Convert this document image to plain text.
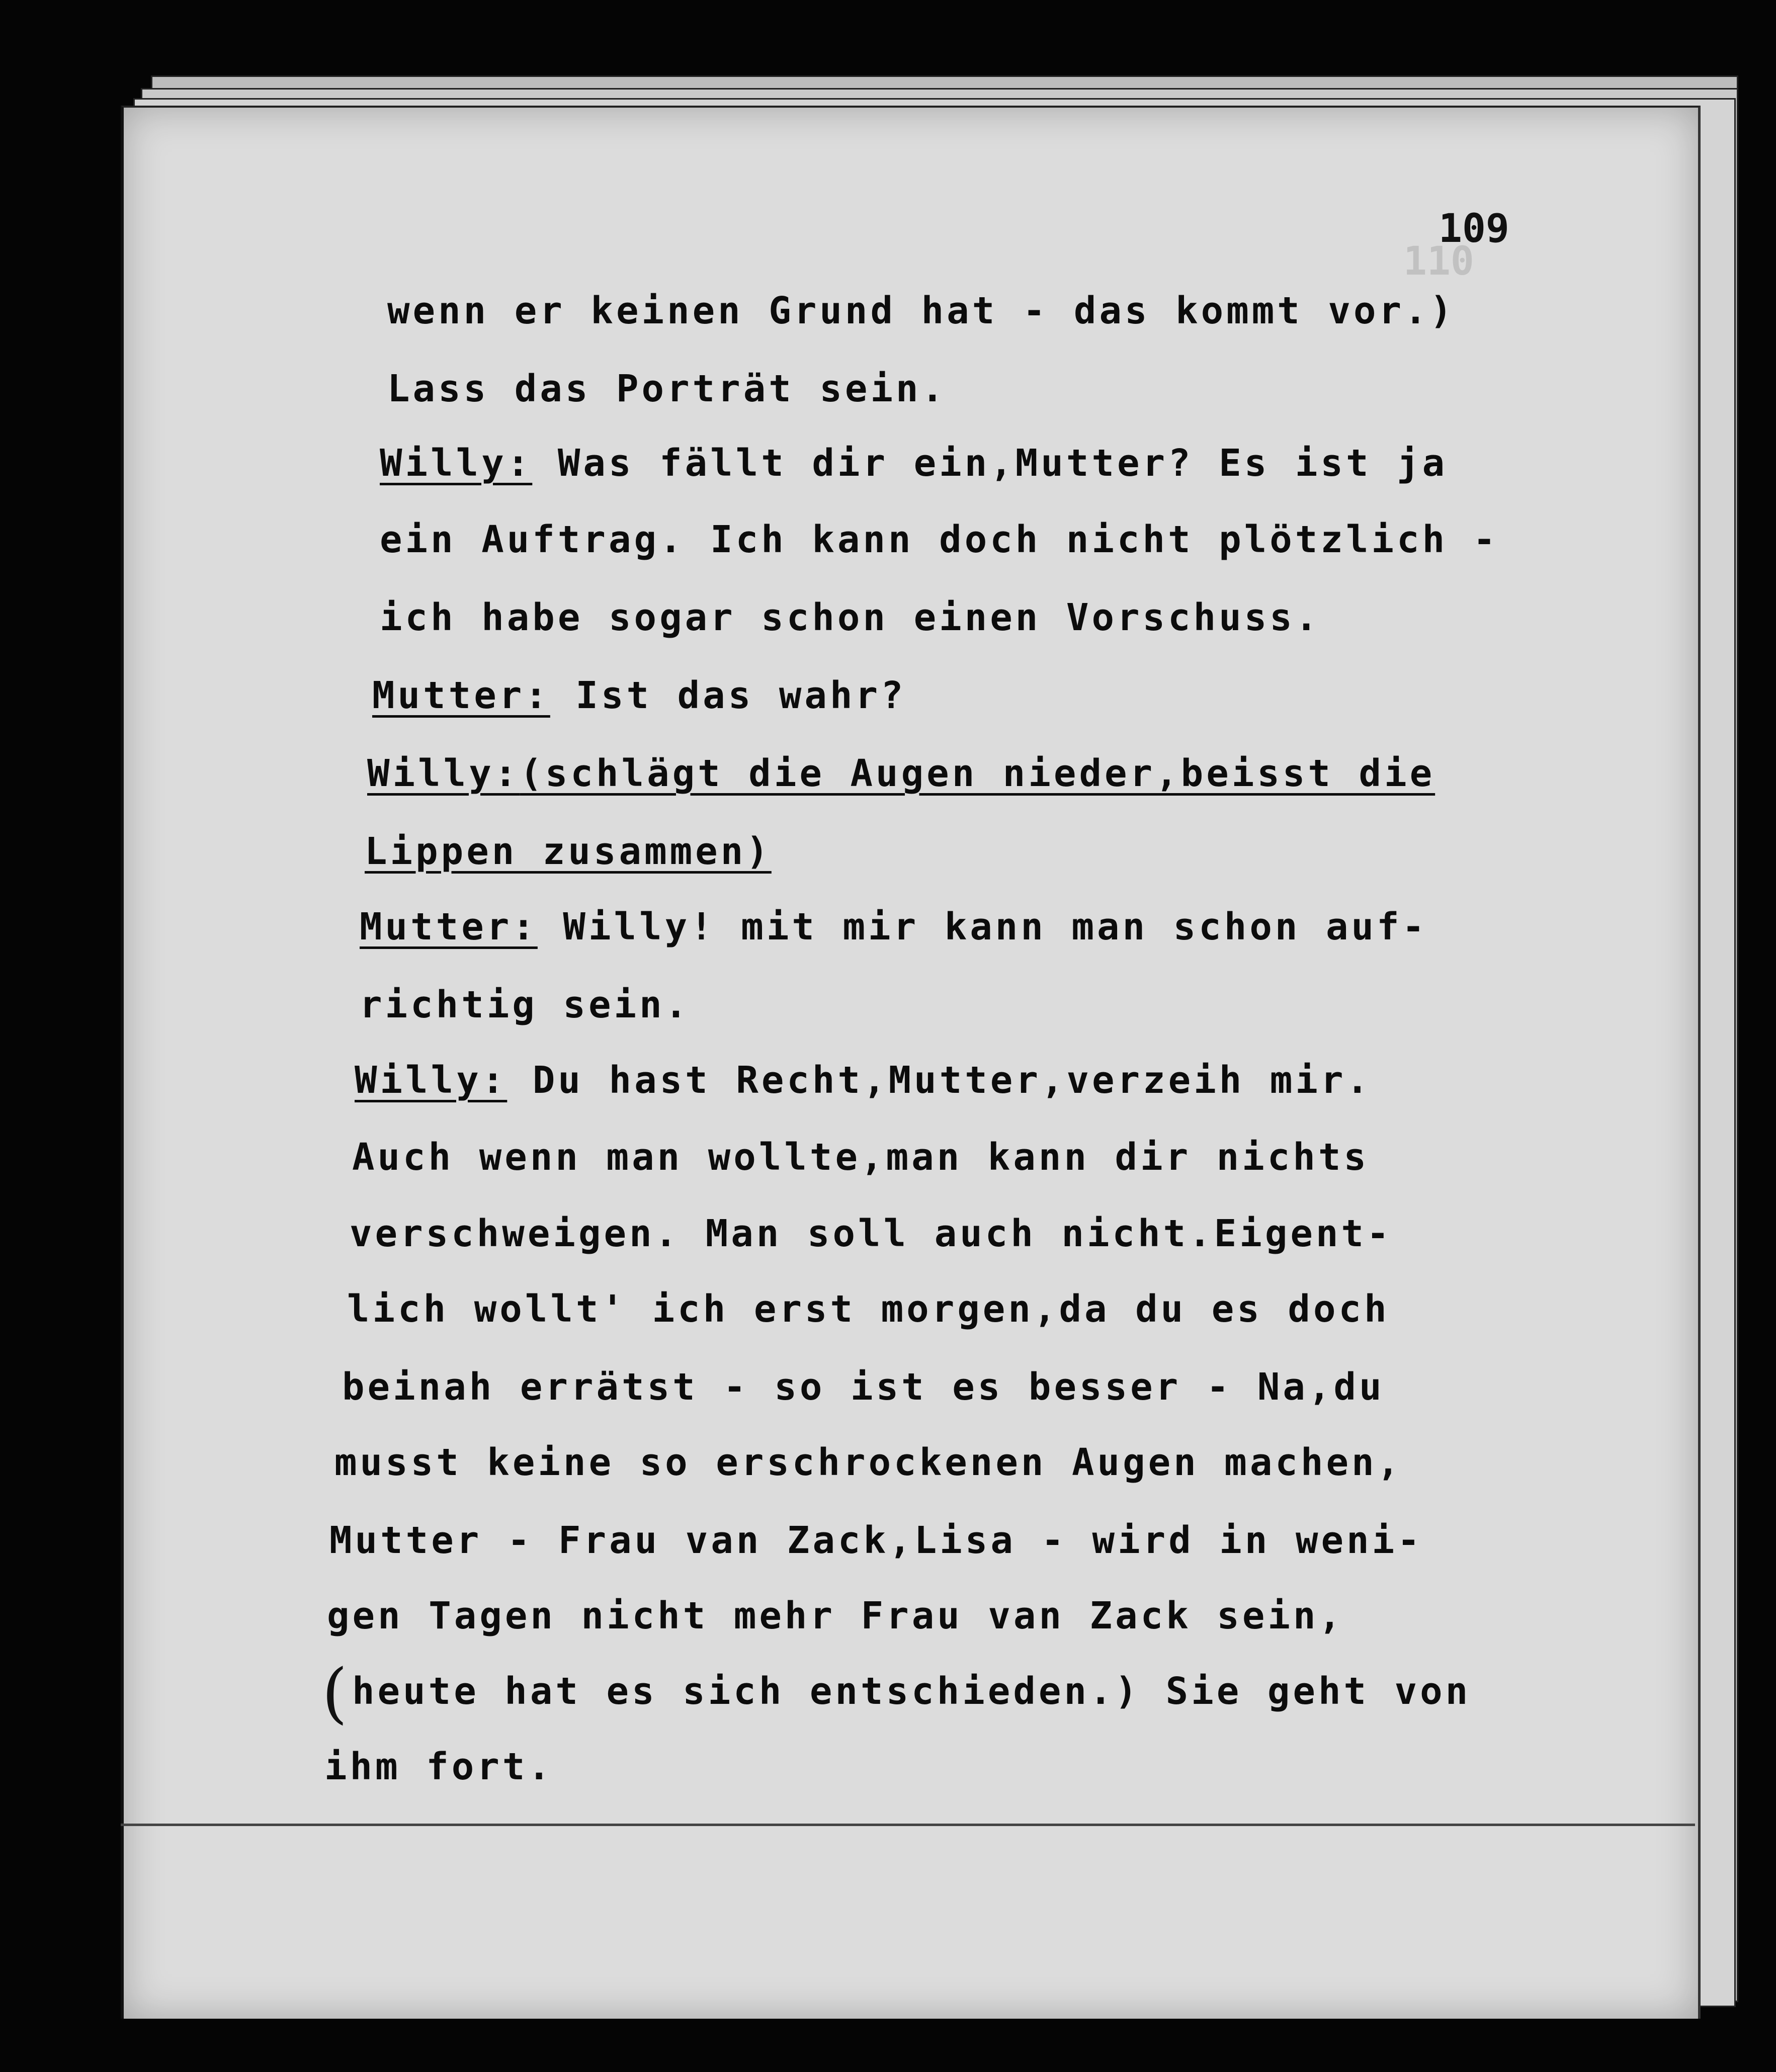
110
109
wenn er keinen Grund hat - das kommt vor.)
Lass das Porträt sein.
Willy: Was fällt dir ein,Mutter? Es ist ja
ein Auftrag. Ich kann doch nicht plötzlich -
ich habe sogar schon einen Vorschuss.
Mutter: Ist das wahr?
Willy:(schlägt die Augen nieder,beisst die
Lippen zusammen)
Mutter: Willy! mit mir kann man schon auf-
richtig sein.
Willy: Du hast Recht,Mutter,verzeih mir.
Auch wenn man wollte,man kann dir nichts
verschweigen. Man soll auch nicht.Eigent-
lich wollt' ich erst morgen,da du es doch
beinah errätst - so ist es besser - Na,du
musst keine so erschrockenen Augen machen,
Mutter - Frau van Zack,Lisa - wird in weni-
gen Tagen nicht mehr Frau van Zack sein,
heute hat es sich entschieden.) Sie geht von
ihm fort.
(
